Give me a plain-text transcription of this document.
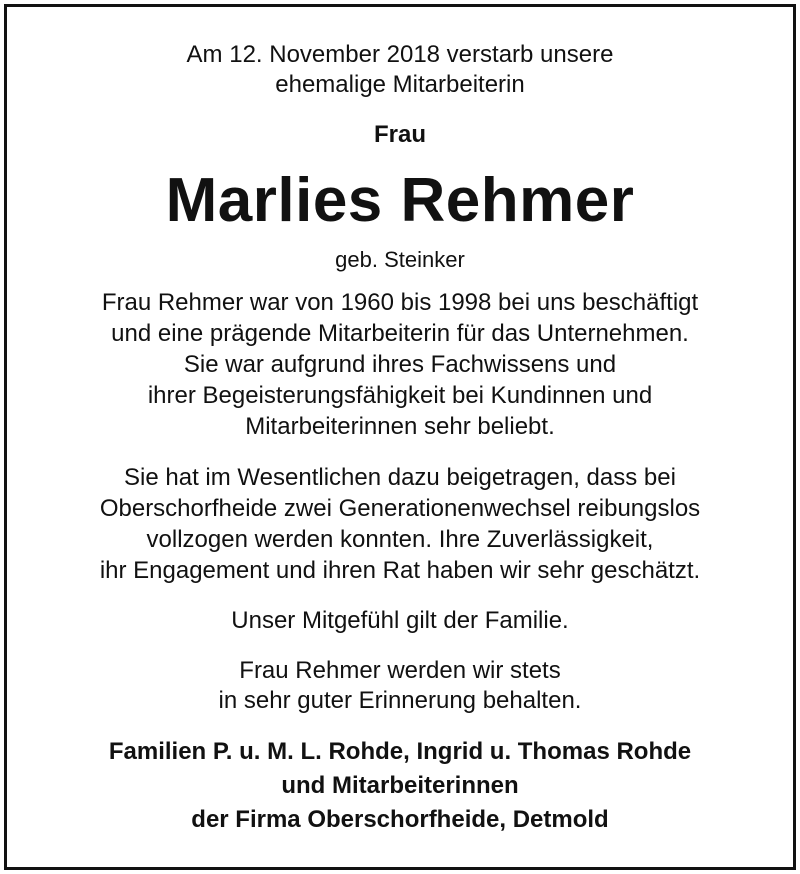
Am 12. November 2018 verstarb unsere
ehemalige Mitarbeiterin
Frau
Marlies Rehmer
geb. Steinker
Frau Rehmer war von 1960 bis 1998 bei uns beschäftigt
und eine prägende Mitarbeiterin für das Unternehmen.
Sie war aufgrund ihres Fachwissens und
ihrer Begeisterungsfähigkeit bei Kundinnen und
Mitarbeiterinnen sehr beliebt.
Sie hat im Wesentlichen dazu beigetragen, dass bei
Oberschorfheide zwei Generationenwechsel reibungslos
vollzogen werden konnten. Ihre Zuverlässigkeit,
ihr Engagement und ihren Rat haben wir sehr geschätzt.
Unser Mitgefühl gilt der Familie.
Frau Rehmer werden wir stets
in sehr guter Erinnerung behalten.
Familien P. u. M. L. Rohde, Ingrid u. Thomas Rohde
und Mitarbeiterinnen
der Firma Oberschorfheide, Detmold
